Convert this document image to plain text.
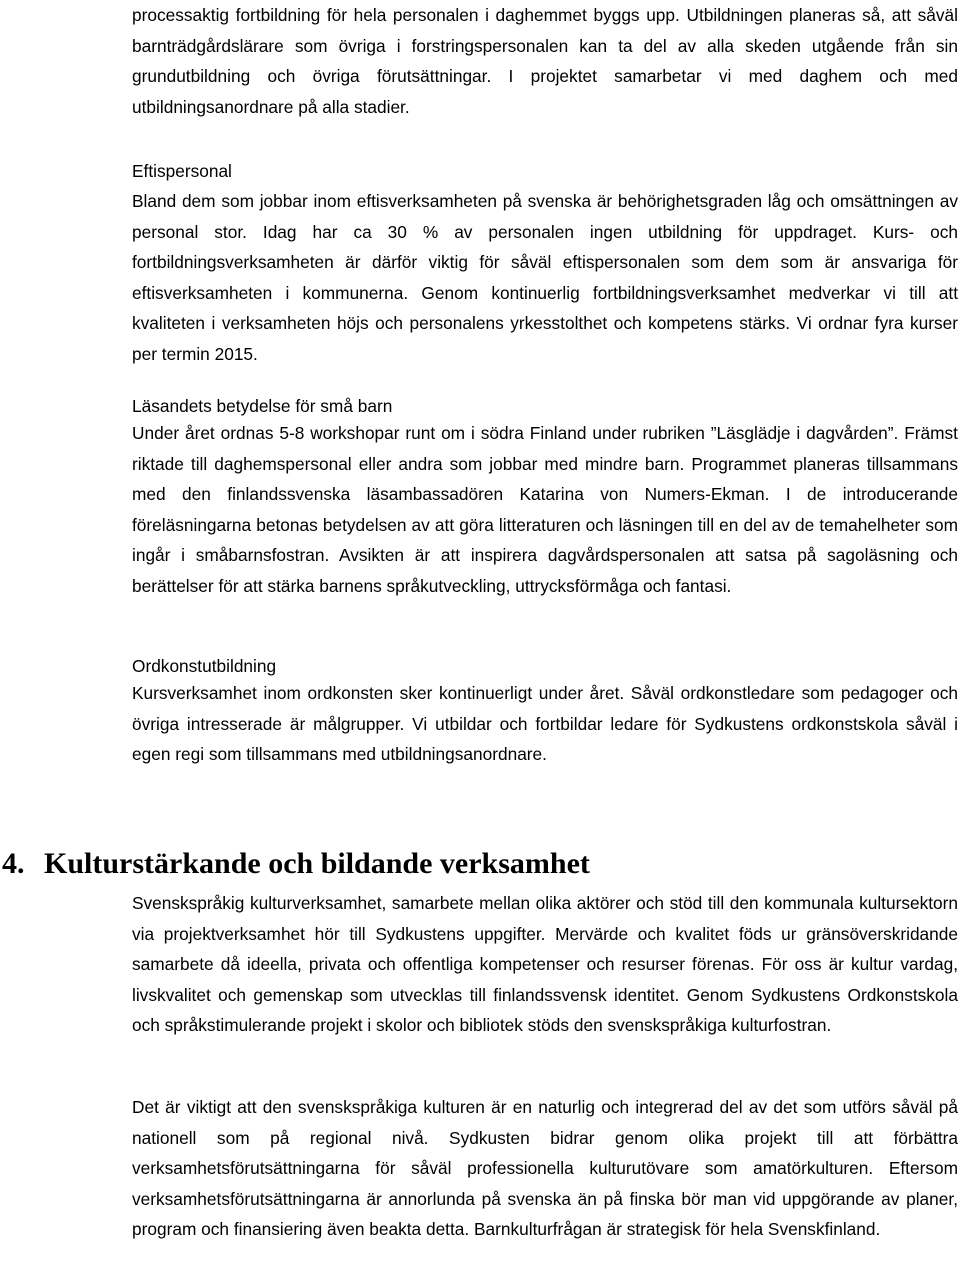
processaktig fortbildning för hela personalen i daghemmet byggs upp. Utbildningen planeras så, att såväl barnträdgårdslärare som övriga i forstringspersonalen kan ta del av alla skeden utgående från sin grundutbildning och övriga förutsättningar. I projektet samarbetar vi med daghem och med utbildningsanordnare på alla stadier.

Eftispersonal

Bland dem som jobbar inom eftisverksamheten på svenska är behörighetsgraden låg och omsättningen av personal stor. Idag har ca 30 % av personalen ingen utbildning för uppdraget. Kurs- och fortbildningsverksamheten är därför viktig för såväl eftispersonalen som dem som är ansvariga för eftisverksamheten i kommunerna. Genom kontinuerlig fortbildningsverksamhet medverkar vi till att kvaliteten i verksamheten höjs och personalens yrkesstolthet och kompetens stärks. Vi ordnar fyra kurser per termin 2015.

Läsandets betydelse för små barn

Under året ordnas 5-8 workshopar runt om i södra Finland under rubriken ”Läsglädje i dagvården”. Främst riktade till daghemspersonal eller andra som jobbar med mindre barn. Programmet planeras tillsammans med den finlandssvenska läsambassadören Katarina von Numers-Ekman. I de introducerande föreläsningarna betonas betydelsen av att göra litteraturen och läsningen till en del av de temahelheter som ingår i småbarnsfostran. Avsikten är att inspirera dagvårdspersonalen att satsa på sagoläsning och berättelser för att stärka barnens språkutveckling, uttrycksförmåga och fantasi.

Ordkonstutbildning

Kursverksamhet inom ordkonsten sker kontinuerligt under året. Såväl ordkonstledare som pedagoger och övriga intresserade är målgrupper. Vi utbildar och fortbildar ledare för Sydkustens ordkonstskola såväl i egen regi som tillsammans med utbildningsanordnare.

4. Kulturstärkande och bildande verksamhet

Svenskspråkig kulturverksamhet, samarbete mellan olika aktörer och stöd till den kommunala kultursektorn via projektverksamhet hör till Sydkustens uppgifter. Mervärde och kvalitet föds ur gränsöverskridande samarbete då ideella, privata och offentliga kompetenser och resurser förenas. För oss är kultur vardag, livskvalitet och gemenskap som utvecklas till finlandssvensk identitet. Genom Sydkustens Ordkonstskola och språkstimulerande projekt i skolor och bibliotek stöds den svenskspråkiga kulturfostran.

Det är viktigt att den svenskspråkiga kulturen är en naturlig och integrerad del av det som utförs såväl på nationell som på regional nivå. Sydkusten bidrar genom olika projekt till att förbättra verksamhetsförutsättningarna för såväl professionella kulturutövare som amatörkulturen. Eftersom verksamhetsförutsättningarna är annorlunda på svenska än på finska bör man vid uppgörande av planer, program och finansiering även beakta detta. Barnkulturfrågan är strategisk för hela Svenskfinland.
